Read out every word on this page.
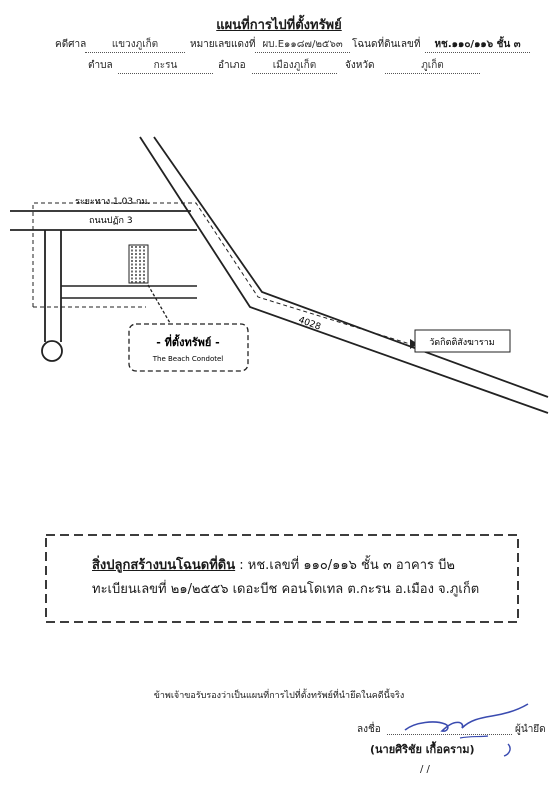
แผนที่การไปที่ตั้งทรัพย์
คดีศาล	แขวงภูเก็ต	หมายเลขแดงที่ ผบ.E๑๑๘๗/๒๕๖๓ โฉนดที่ดินเลขที่	หช.๑๑๐/๑๑๖ ชั้น ๓
ตำบล	กะรน	อำเภอ	เมืองภูเก็ต	จังหวัด	ภูเก็ต
ระยะทาง 1.03 กม.
ถนนปฏัก 3
- ที่ตั้งทรัพย์ -
The Beach Condotel
4028
วัดกิตติสังฆาราม
สิ่งปลูกสร้างบนโฉนดที่ดิน : หช.เลขที่ ๑๑๐/๑๑๖ ชั้น ๓ อาคาร บี๒
ทะเบียนเลขที่ ๒๑/๒๕๕๖ เดอะบีช คอนโดเทล ต.กะรน อ.เมือง จ.ภูเก็ต
ข้าพเจ้าขอรับรองว่าเป็นแผนที่การไปที่ตั้งทรัพย์ที่นำยึดในคดีนี้จริง
ลงชื่อ	ผู้นำยึด
(นายศิริชัย เกื้อคราม)
/ /
